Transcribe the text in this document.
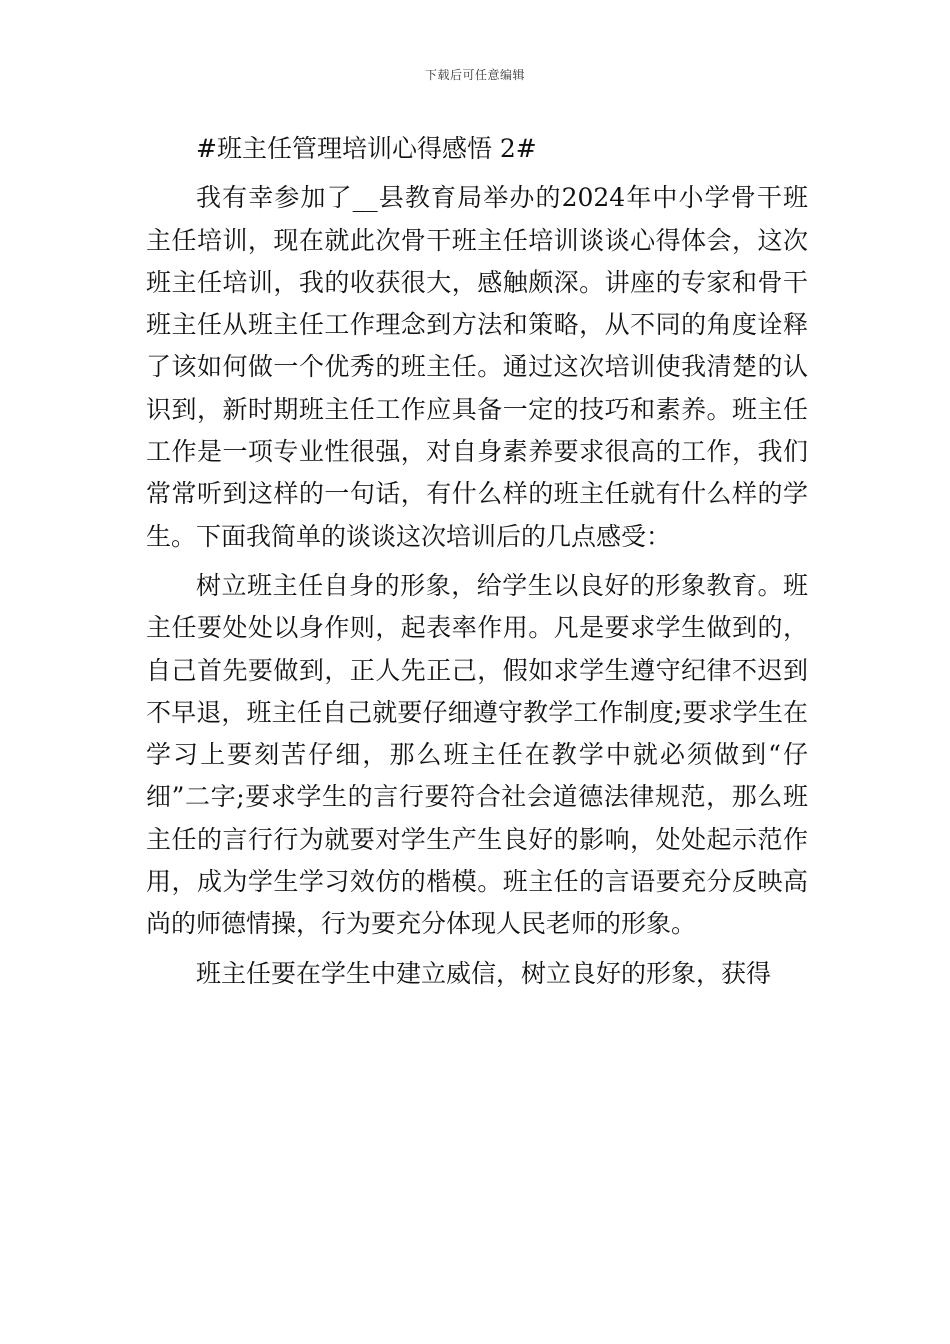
下载后可任意编辑

#班主任管理培训心得感悟 2#

我有幸参加了__县教育局举办的2024年中小学骨干班主任培训，现在就此次骨干班主任培训谈谈心得体会，这次班主任培训，我的收获很大，感触颇深。讲座的专家和骨干班主任从班主任工作理念到方法和策略，从不同的角度诠释了该如何做一个优秀的班主任。通过这次培训使我清楚的认识到，新时期班主任工作应具备一定的技巧和素养。班主任工作是一项专业性很强，对自身素养要求很高的工作，我们常常听到这样的一句话，有什么样的班主任就有什么样的学生。下面我简单的谈谈这次培训后的几点感受：

树立班主任自身的形象，给学生以良好的形象教育。班主任要处处以身作则，起表率作用。凡是要求学生做到的，自己首先要做到，正人先正己，假如求学生遵守纪律不迟到不早退，班主任自己就要仔细遵守教学工作制度;要求学生在学习上要刻苦仔细，那么班主任在教学中就必须做到“仔细”二字;要求学生的言行要符合社会道德法律规范，那么班主任的言行行为就要对学生产生良好的影响，处处起示范作用，成为学生学习效仿的楷模。班主任的言语要充分反映高尚的师德情操，行为要充分体现人民老师的形象。

班主任要在学生中建立威信，树立良好的形象，获得
